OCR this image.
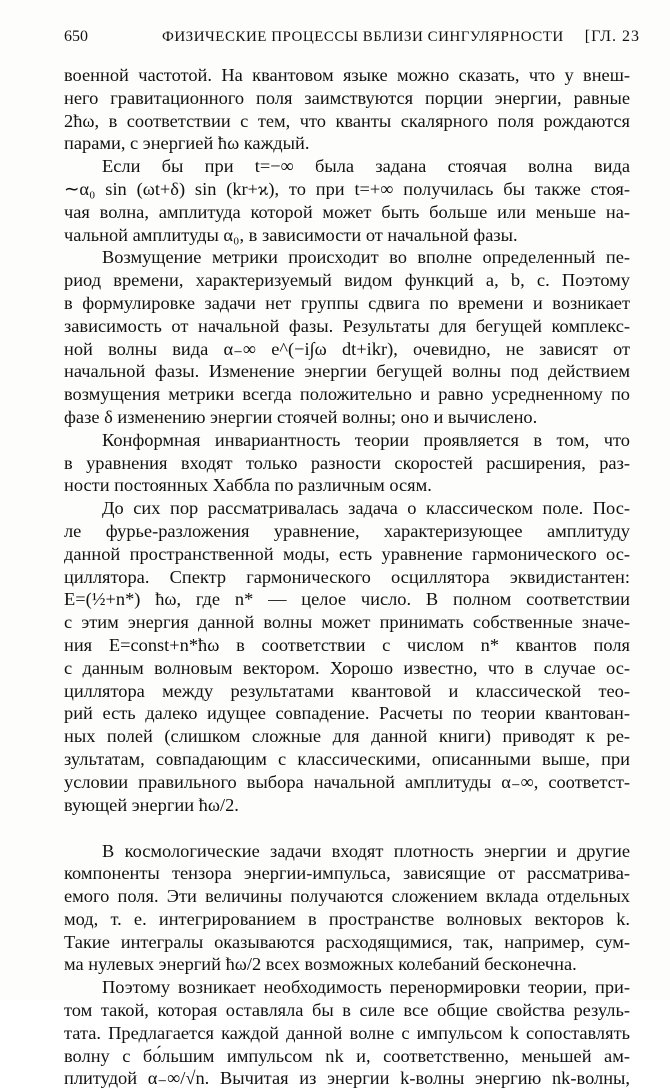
650	ФИЗИЧЕСКИЕ ПРОЦЕССЫ ВБЛИЗИ СИНГУЛЯРНОСТИ [ГЛ. 23
военной частотой. На квантовом языке можно сказать, что у внеш-
него гравитационного поля заимствуются порции энергии, равные
2ħω, в соответствии с тем, что кванты скалярного поля рождаются
парами, с энергией ħω каждый.
Если бы при t=−∞ была задана стоячая волна вида
∼α₀ sin (ωt+δ) sin (kr+ϰ), то при t=+∞ получилась бы также стоя-
чая волна, амплитуда которой может быть больше или меньше на-
чальной амплитуды α₀, в зависимости от начальной фазы.
Возмущение метрики происходит во вполне определенный пе-
риод времени, характеризуемый видом функций a, b, c. Поэтому
в формулировке задачи нет группы сдвига по времени и возникает
зависимость от начальной фазы. Результаты для бегущей комплекс-
ной волны вида α₋∞ e^(−i∫ω dt+ikr), очевидно, не зависят от
начальной фазы. Изменение энергии бегущей волны под действием
возмущения метрики всегда положительно и равно усредненному по
фазе δ изменению энергии стоячей волны; оно и вычислено.
Конформная инвариантность теории проявляется в том, что
в уравнения входят только разности скоростей расширения, раз-
ности постоянных Хаббла по различным осям.
До сих пор рассматривалась задача о классическом поле. Пос-
ле фурье-разложения уравнение, характеризующее амплитуду
данной пространственной моды, есть уравнение гармонического ос-
циллятора. Спектр гармонического осциллятора эквидистантен:
E=(½+n*) ħω, где n* — целое число. В полном соответствии
с этим энергия данной волны может принимать собственные значе-
ния E=const+n*ħω в соответствии с числом n* квантов поля
с данным волновым вектором. Хорошо известно, что в случае ос-
циллятора между результатами квантовой и классической тео-
рий есть далеко идущее совпадение. Расчеты по теории квантован-
ных полей (слишком сложные для данной книги) приводят к ре-
зультатам, совпадающим с классическими, описанными выше, при
условии правильного выбора начальной амплитуды α₋∞, соответст-
вующей энергии ħω/2.
В космологические задачи входят плотность энергии и другие
компоненты тензора энергии-импульса, зависящие от рассматрива-
емого поля. Эти величины получаются сложением вклада отдельных
мод, т. е. интегрированием в пространстве волновых векторов k.
Такие интегралы оказываются расходящимися, так, например, сум-
ма нулевых энергий ħω/2 всех возможных колебаний бесконечна.
Поэтому возникает необходимость перенормировки теории, при-
том такой, которая оставляла бы в силе все общие свойства резуль-
тата. Предлагается каждой данной волне с импульсом k сопоставлять
волну с бо́льшим импульсом nk и, соответственно, меньшей ам-
плитудой α₋∞/√n. Вычитая из энергии k-волны энергию nk-волны,
